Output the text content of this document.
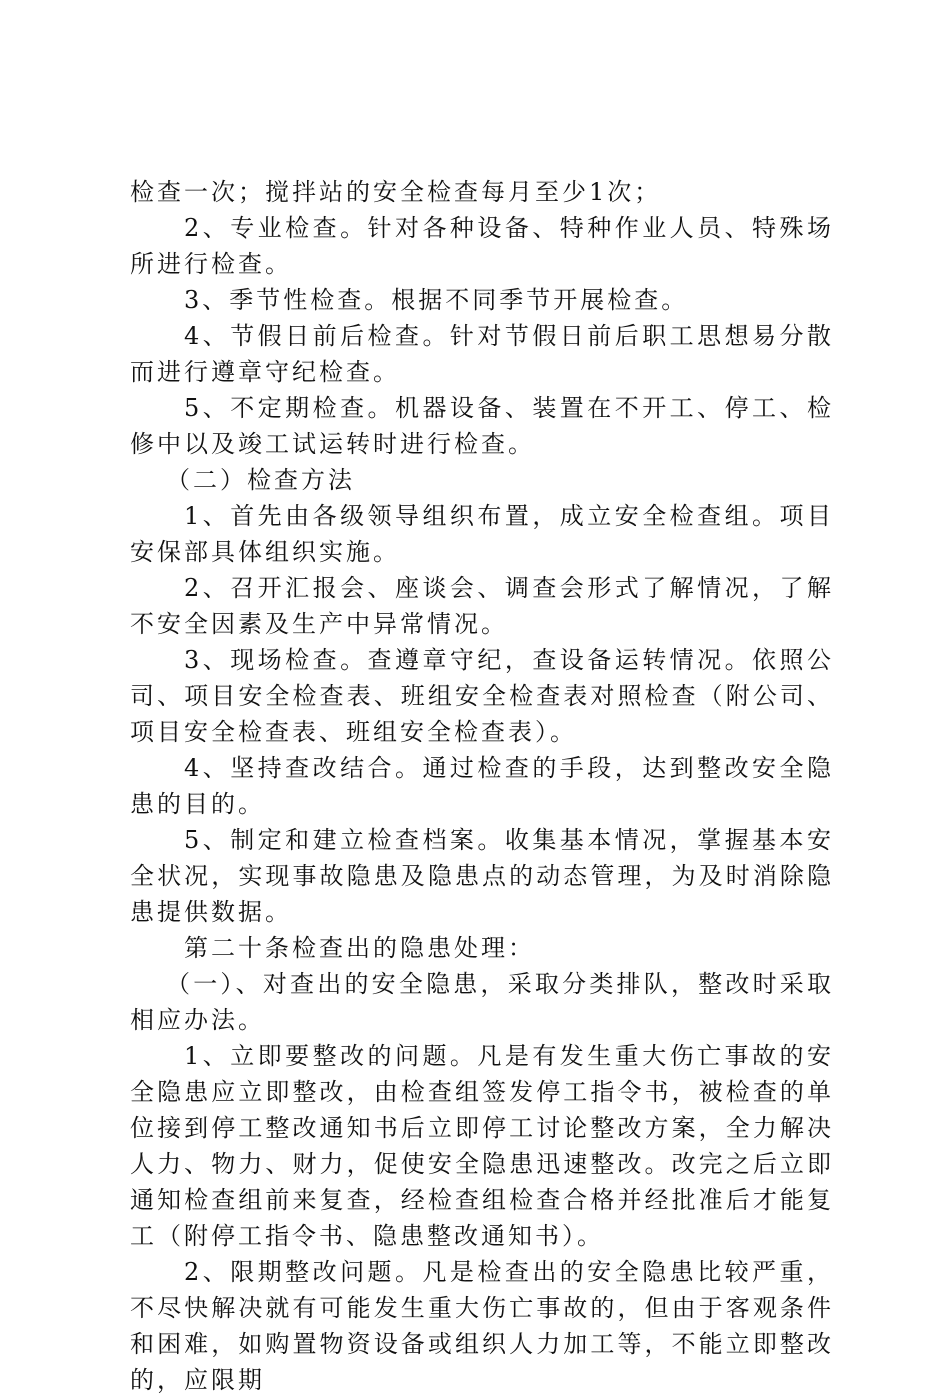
检查一次；搅拌站的安全检查每月至少1次；

2、专业检查。针对各种设备、特种作业人员、特殊场所进行检查。

3、季节性检查。根据不同季节开展检查。

4、节假日前后检查。针对节假日前后职工思想易分散而进行遵章守纪检查。

5、不定期检查。机器设备、装置在不开工、停工、检修中以及竣工试运转时进行检查。

（二）检查方法

1、首先由各级领导组织布置，成立安全检查组。项目安保部具体组织实施。

2、召开汇报会、座谈会、调查会形式了解情况，了解不安全因素及生产中异常情况。

3、现场检查。查遵章守纪，查设备运转情况。依照公司、项目安全检查表、班组安全检查表对照检查（附公司、项目安全检查表、班组安全检查表）。

4、坚持查改结合。通过检查的手段，达到整改安全隐患的目的。

5、制定和建立检查档案。收集基本情况，掌握基本安全状况，实现事故隐患及隐患点的动态管理，为及时消除隐患提供数据。

第二十条检查出的隐患处理：

（一）、对查出的安全隐患，采取分类排队，整改时采取相应办法。

1、立即要整改的问题。凡是有发生重大伤亡事故的安全隐患应立即整改，由检查组签发停工指令书，被检查的单位接到停工整改通知书后立即停工讨论整改方案，全力解决人力、物力、财力，促使安全隐患迅速整改。改完之后立即通知检查组前来复查，经检查组检查合格并经批准后才能复工（附停工指令书、隐患整改通知书）。

2、限期整改问题。凡是检查出的安全隐患比较严重，不尽快解决就有可能发生重大伤亡事故的，但由于客观条件和困难，如购置物资设备或组织人力加工等，不能立即整改的，应限期
